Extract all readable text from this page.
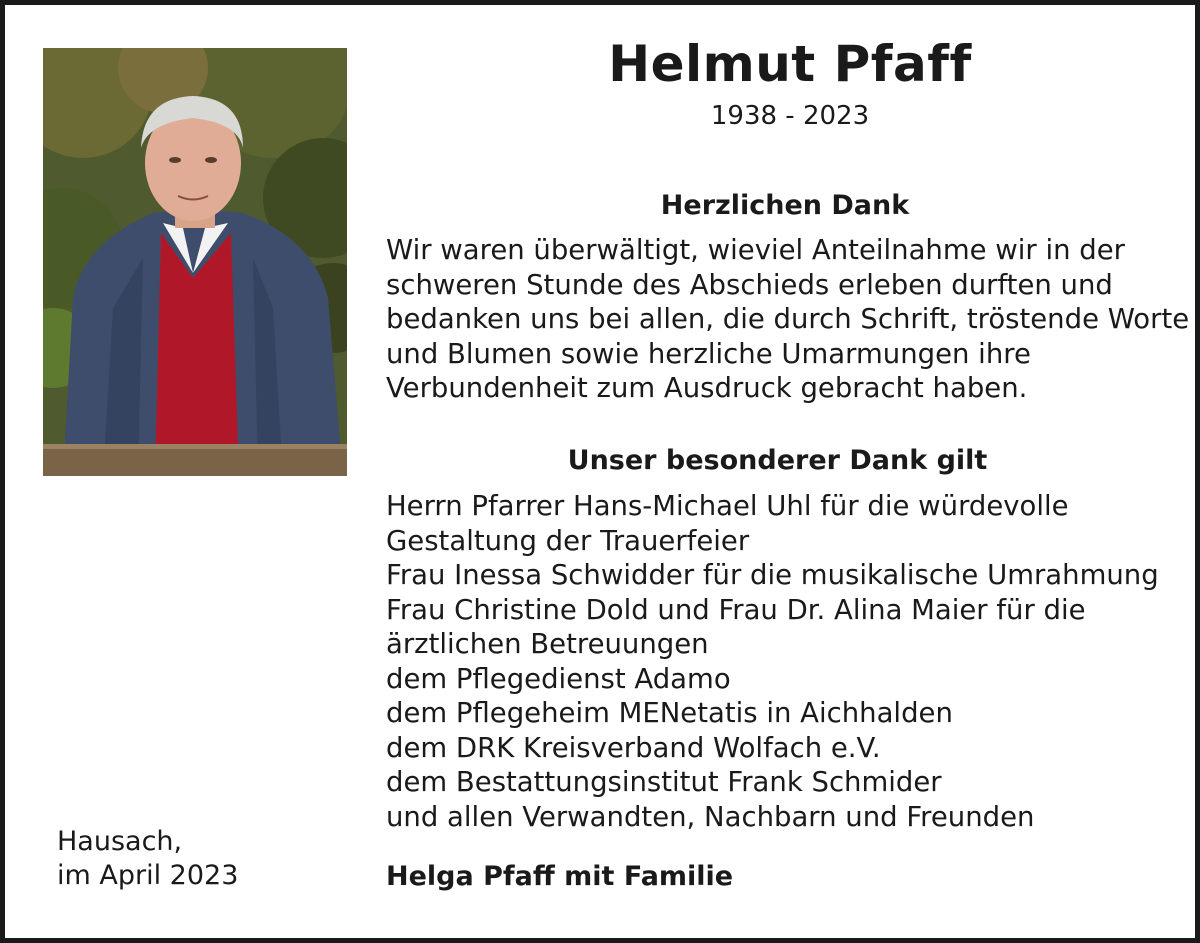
Helmut Pfaff
1938 - 2023
Herzlichen Dank

Wir waren überwältigt, wieviel Anteilnahme wir in der
schweren Stunde des Abschieds erleben durften und
bedanken uns bei allen, die durch Schrift, tröstende Worte
und Blumen sowie herzliche Umarmungen ihre
Verbundenheit zum Ausdruck gebracht haben.

Unser besonderer Dank gilt
Herrn Pfarrer Hans-Michael Uhl für die würdevolle
Gestaltung der Trauerfeier
Frau Inessa Schwidder für die musikalische Umrahmung
Frau Christine Dold und Frau Dr. Alina Maier für die
ärztlichen Betreuungen
dem Pflegedienst Adamo
dem Pflegeheim MENetatis in Aichhalden
dem DRK Kreisverband Wolfach e.V.
dem Bestattungsinstitut Frank Schmider
und allen Verwandten, Nachbarn und Freunden
Hausach,
im April 2023	Helga Pfaff mit Familie
